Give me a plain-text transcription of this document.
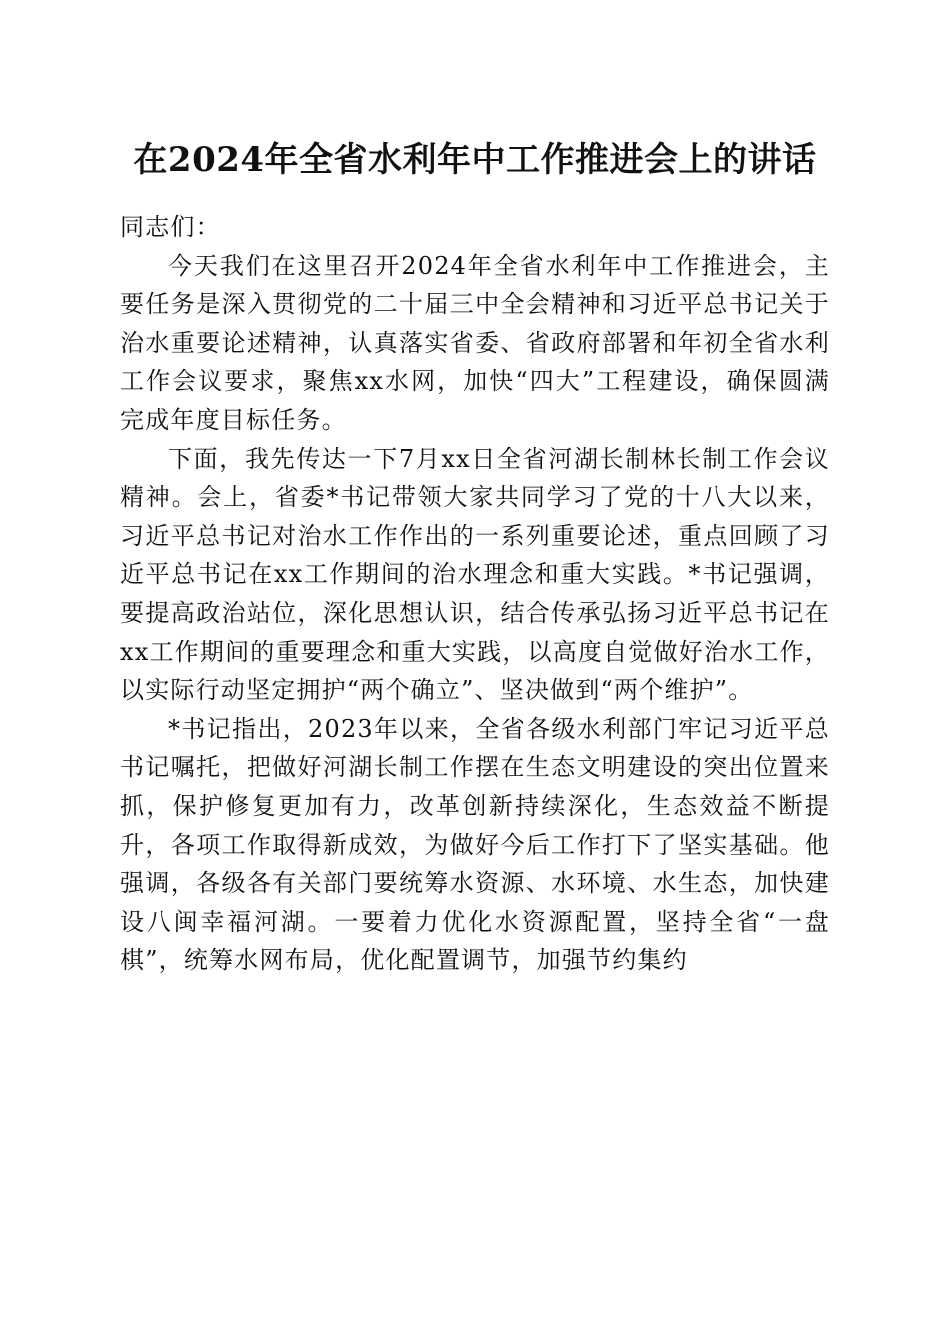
在2024年全省水利年中工作推进会上的讲话

同志们：

今天我们在这里召开2024年全省水利年中工作推进会，主要任务是深入贯彻党的二十届三中全会精神和习近平总书记关于治水重要论述精神，认真落实省委、省政府部署和年初全省水利工作会议要求，聚焦xx水网，加快“四大”工程建设，确保圆满完成年度目标任务。

下面，我先传达一下7月xx日全省河湖长制林长制工作会议精神。会上，省委*书记带领大家共同学习了党的十八大以来，习近平总书记对治水工作作出的一系列重要论述，重点回顾了习近平总书记在xx工作期间的治水理念和重大实践。*书记强调，要提高政治站位，深化思想认识，结合传承弘扬习近平总书记在xx工作期间的重要理念和重大实践，以高度自觉做好治水工作，以实际行动坚定拥护“两个确立”、坚决做到“两个维护”。

*书记指出，2023年以来，全省各级水利部门牢记习近平总书记嘱托，把做好河湖长制工作摆在生态文明建设的突出位置来抓，保护修复更加有力，改革创新持续深化，生态效益不断提升，各项工作取得新成效，为做好今后工作打下了坚实基础。他强调，各级各有关部门要统筹水资源、水环境、水生态，加快建设八闽幸福河湖。一要着力优化水资源配置，坚持全省“一盘棋”，统筹水网布局，优化配置调节，加强节约集约
